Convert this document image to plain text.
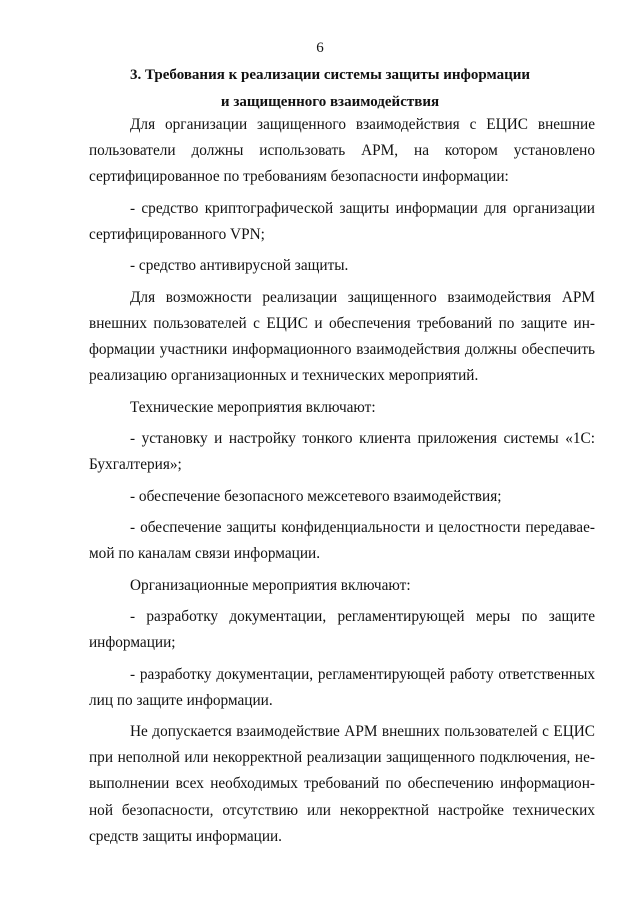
6
3. Требования к реализации системы защиты информации
и защищенного взаимодействия

Для организации защищенного взаимодействия с ЕЦИС внешние пользователи должны использовать АРМ, на котором установлено сертифицированное по требованиям безопасности информации:

- средство криптографической защиты информации для организации сертифицированного VPN;

- средство антивирусной защиты.

Для возможности реализации защищенного взаимодействия АРМ внешних пользователей с ЕЦИС и обеспечения требований по защите информации участники информационного взаимодействия должны обеспечить реализацию организационных и технических мероприятий.

Технические мероприятия включают:

- установку и настройку тонкого клиента приложения системы «1С: Бухгалтерия»;

- обеспечение безопасного межсетевого взаимодействия;

- обеспечение защиты конфиденциальности и целостности передаваемой по каналам связи информации.

Организационные мероприятия включают:

- разработку документации, регламентирующей меры по защите информации;

- разработку документации, регламентирующей работу ответственных лиц по защите информации.

Не допускается взаимодействие АРМ внешних пользователей с ЕЦИС при неполной или некорректной реализации защищенного подключения, невыполнении всех необходимых требований по обеспечению информационной безопасности, отсутствию или некорректной настройке технических средств защиты информации.
